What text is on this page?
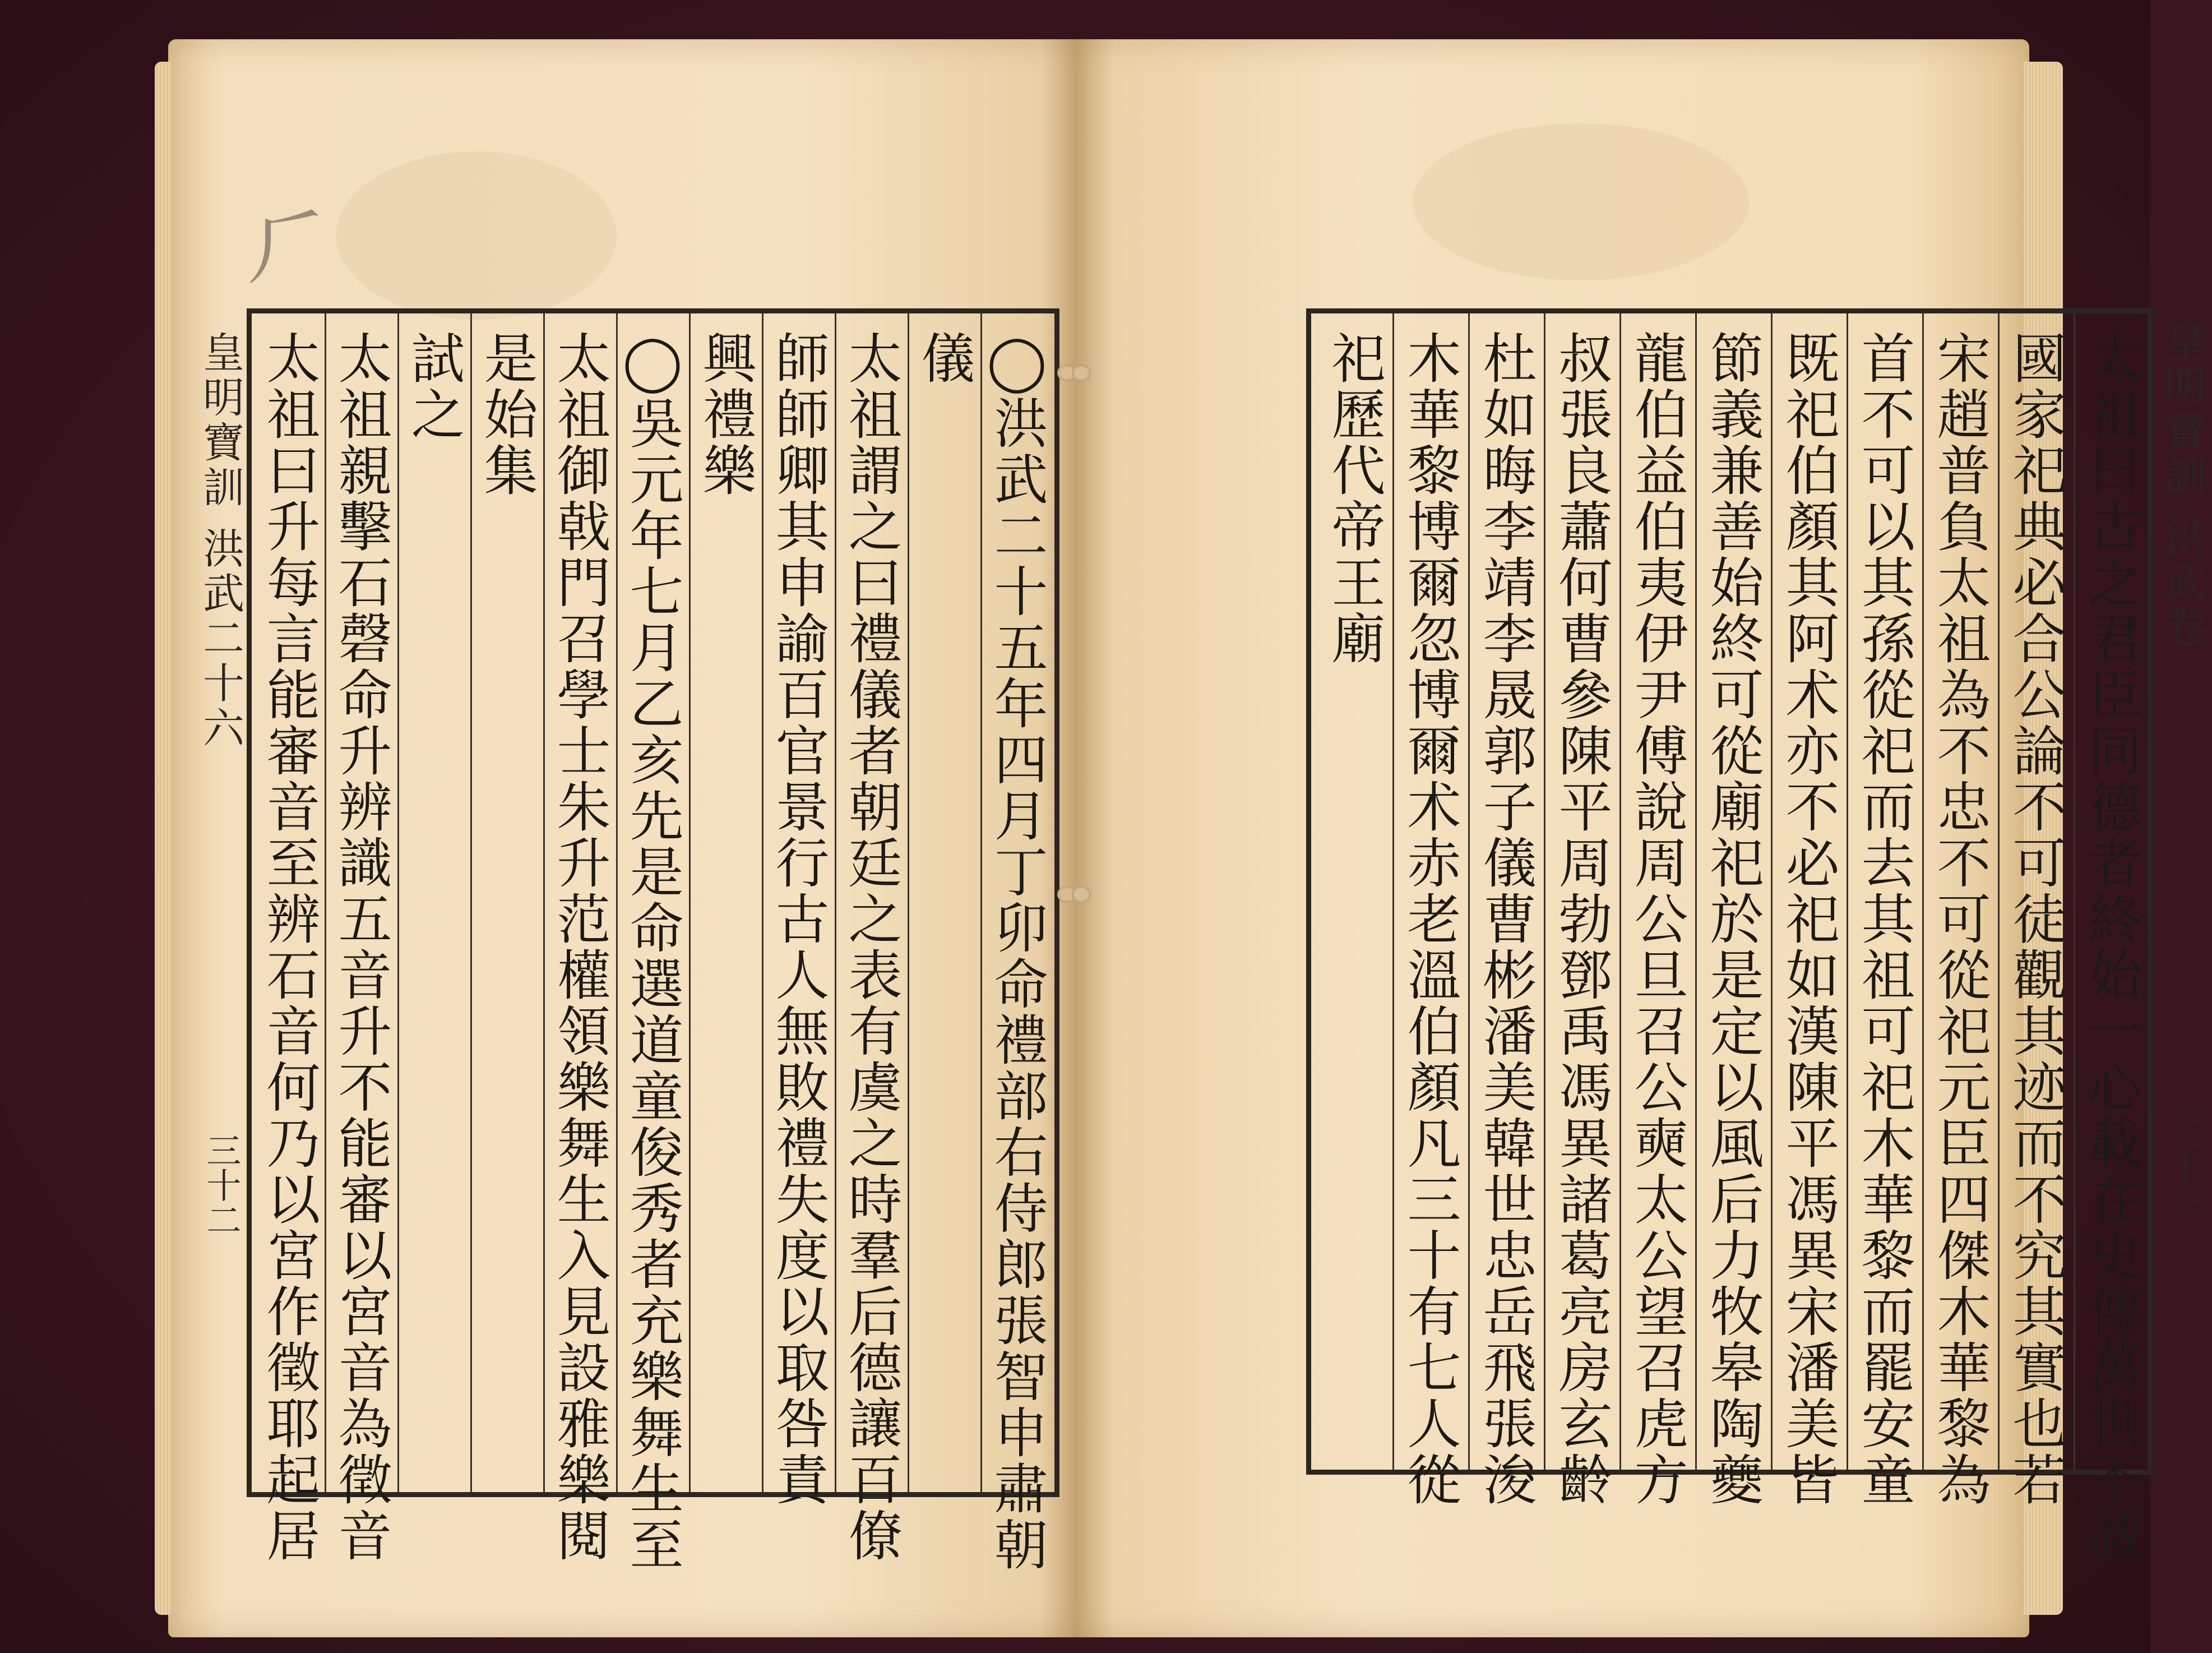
⺁
皇明寶訓 洪武二十六
三十二	◯洪武二十五年四月丁卯命禮部右侍郎張智申肅朝
儀
太祖謂之曰禮儀者朝廷之表有虞之時羣后德讓百僚
師師卿其申諭百官景行古人無敗禮失度以取咎責
興禮樂
◯吳元年七月乙亥先是命選道童俊秀者充樂舞生至
太祖御戟門召學士朱升范權領樂舞生入見設雅樂閱
是始集
試之
太祖親擊石磬命升辨識五音升不能審以宮音為徵音
太祖曰升每言能審音至辨石音何乃以宮作徵耶起居	皇明寶訓 洪武卷
三十一
太祖曰古之君臣同德者終始一心載在史傳萬世不滅
國家祀典必合公論不可徒觀其迹而不究其實也若
宋趙普負太祖為不忠不可從祀元臣四傑木華黎為
首不可以其孫從祀而去其祖可祀木華黎而罷安童
既祀伯顏其阿术亦不必祀如漢陳平馮異宋潘美皆
節義兼善始終可從廟祀於是定以風后力牧皋陶夔
龍伯益伯夷伊尹傅說周公旦召公奭太公望召虎方
叔張良蕭何曹參陳平周勃鄧禹馮異諸葛亮房玄齡
杜如晦李靖李晟郭子儀曹彬潘美韓世忠岳飛張浚
木華黎博爾忽博爾术赤老溫伯顏凡三十有七人從
祀歷代帝王廟
